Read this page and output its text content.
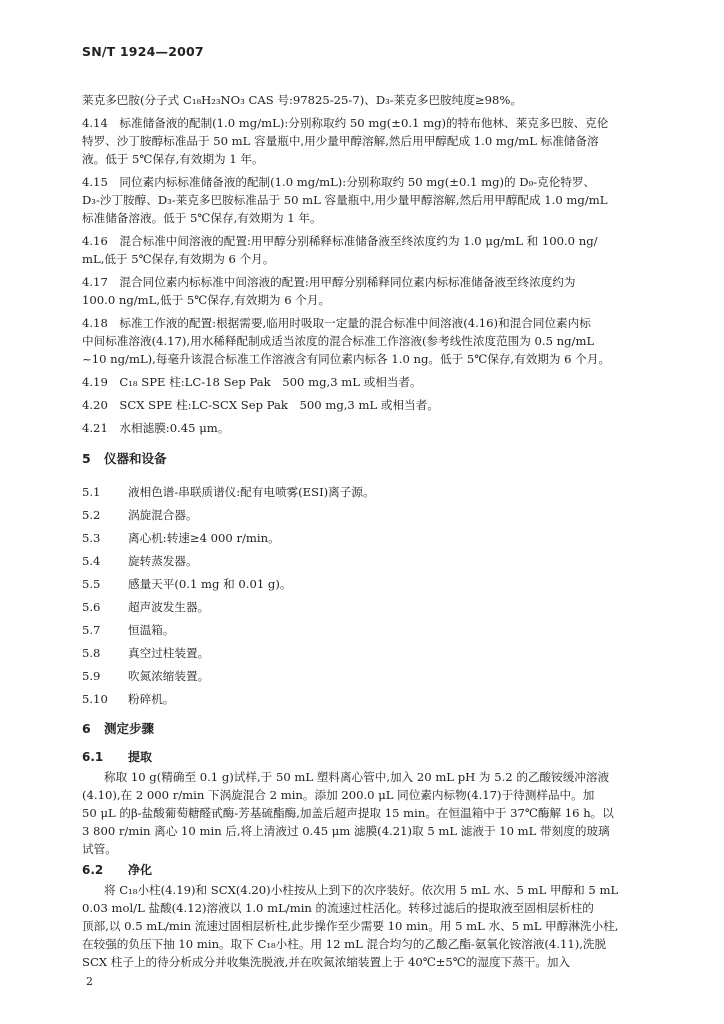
SN/T 1924—2007
莱克多巴胺(分子式 C₁₈H₂₃NO₃ CAS 号:97825-25-7)、D₃-莱克多巴胺纯度≥98%。
4.14　标准储备液的配制(1.0 mg/mL):分别称取约 50 mg(±0.1 mg)的特布他林、莱克多巴胺、克伦
特罗、沙丁胺醇标准品于 50 mL 容量瓶中,用少量甲醇溶解,然后用甲醇配成 1.0 mg/mL 标准储备溶
液。低于 5℃保存,有效期为 1 年。
4.15　同位素内标标准储备液的配制(1.0 mg/mL):分别称取约 50 mg(±0.1 mg)的 D₉-克伦特罗、
D₃-沙丁胺醇、D₃-莱克多巴胺标准品于 50 mL 容量瓶中,用少量甲醇溶解,然后用甲醇配成 1.0 mg/mL
标准储备溶液。低于 5℃保存,有效期为 1 年。
4.16　混合标准中间溶液的配置:用甲醇分别稀释标准储备液至终浓度约为 1.0 μg/mL 和 100.0 ng/
mL,低于 5℃保存,有效期为 6 个月。
4.17　混合同位素内标标准中间溶液的配置:用甲醇分别稀释同位素内标标准储备液至终浓度约为
100.0 ng/mL,低于 5℃保存,有效期为 6 个月。
4.18　标准工作液的配置:根据需要,临用时吸取一定量的混合标准中间溶液(4.16)和混合同位素内标
中间标准溶液(4.17),用水稀释配制成适当浓度的混合标准工作溶液(参考线性浓度范围为 0.5 ng/mL
~10 ng/mL),每毫升该混合标准工作溶液含有同位素内标各 1.0 ng。低于 5℃保存,有效期为 6 个月。
4.19　C₁₈ SPE 柱:LC-18 Sep Pak　500 mg,3 mL 或相当者。
4.20　SCX SPE 柱:LC-SCX Sep Pak　500 mg,3 mL 或相当者。
4.21　水相滤膜:0.45 μm。
5 仪器和设备
5.1 液相色谱-串联质谱仪:配有电喷雾(ESI)离子源。
5.2 涡旋混合器。
5.3 离心机:转速≥4 000 r/min。
5.4 旋转蒸发器。
5.5 感量天平(0.1 mg 和 0.01 g)。
5.6 超声波发生器。
5.7 恒温箱。
5.8 真空过柱装置。
5.9 吹氮浓缩装置。
5.10 粉碎机。
6 测定步骤
6.1 提取
称取 10 g(精确至 0.1 g)试样,于 50 mL 塑料离心管中,加入 20 mL pH 为 5.2 的乙酸铵缓冲溶液
(4.10),在 2 000 r/min 下涡旋混合 2 min。添加 200.0 μL 同位素内标物(4.17)于待测样品中。加
50 μL 的β-盐酸葡萄糖醛甙酶-芳基硫酯酶,加盖后超声提取 15 min。在恒温箱中于 37℃酶解 16 h。以
3 800 r/min 离心 10 min 后,将上清液过 0.45 μm 滤膜(4.21)取 5 mL 滤液于 10 mL 带刻度的玻璃
试管。
6.2 净化
将 C₁₈小柱(4.19)和 SCX(4.20)小柱按从上到下的次序装好。依次用 5 mL 水、5 mL 甲醇和 5 mL
0.03 mol/L 盐酸(4.12)溶液以 1.0 mL/min 的流速过柱活化。转移过滤后的提取液至固相层析柱的
顶部,以 0.5 mL/min 流速过固相层析柱,此步操作至少需要 10 min。用 5 mL 水、5 mL 甲醇淋洗小柱,
在较强的负压下抽 10 min。取下 C₁₈小柱。用 12 mL 混合均匀的乙酸乙酯-氨氧化铵溶液(4.11),洗脱
SCX 柱子上的待分析成分并收集洗脱液,并在吹氮浓缩装置上于 40℃±5℃的湿度下蒸干。加入
2
